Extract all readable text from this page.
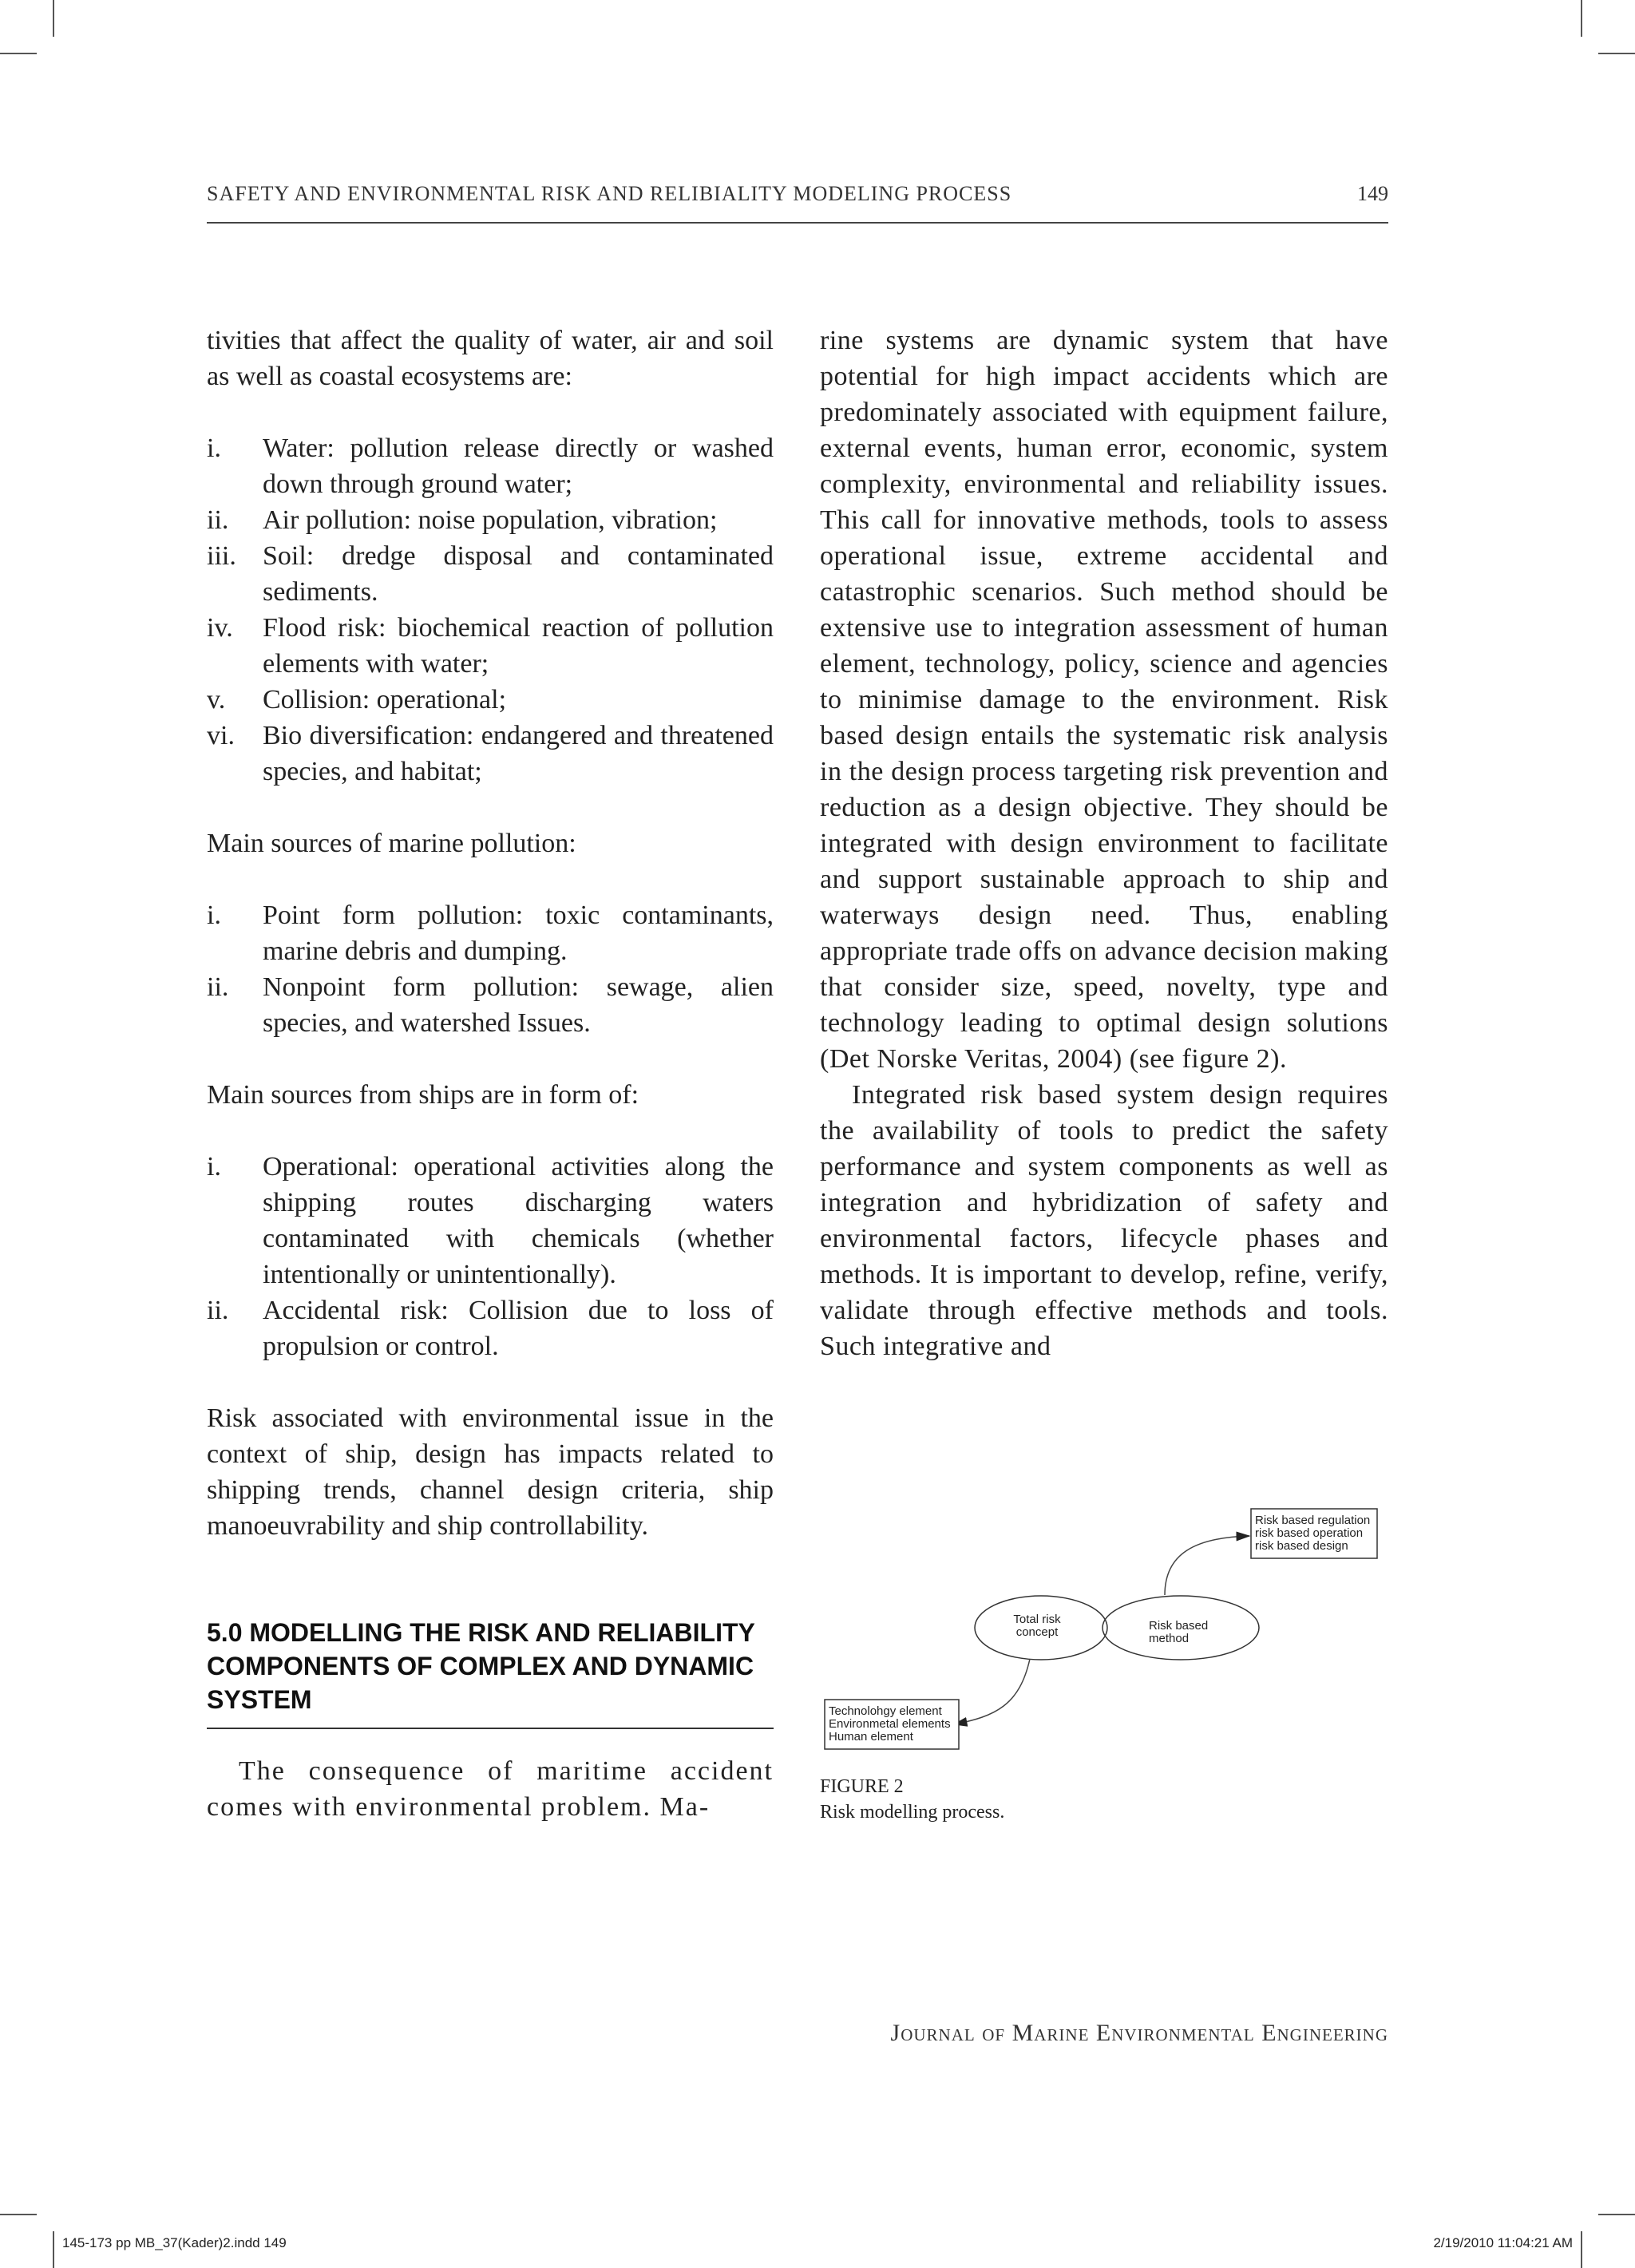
SAFETY AND ENVIRONMENTAL RISK AND RELIBIALITY MODELING PROCESS	149

tivities that affect the quality of water, air and soil as well as coastal ecosystems are:

i. Water: pollution release directly or washed down through ground water;
ii. Air pollution: noise population, vibration;
iii. Soil: dredge disposal and contaminated sediments.
iv. Flood risk: biochemical reaction of pollution elements with water;
v. Collision: operational;
vi. Bio diversification: endangered and threatened species, and habitat;

Main sources of marine pollution:

i. Point form pollution: toxic contaminants, marine debris and dumping.
ii. Nonpoint form pollution: sewage, alien species, and watershed Issues.

Main sources from ships are in form of:

i. Operational: operational activities along the shipping routes discharging waters contaminated with chemicals (whether intentionally or unintentionally).
ii. Accidental risk: Collision due to loss of propulsion or control.

Risk associated with environmental issue in the context of ship, design has impacts related to shipping trends, channel design criteria, ship manoeuvrability and ship controllability.

5.0 MODELLING THE RISK AND RELIABILITY COMPONENTS OF COMPLEX AND DYNAMIC SYSTEM

The consequence of maritime accident comes with environmental problem. Ma-

rine systems are dynamic system that have potential for high impact accidents which are predominately associated with equipment failure, external events, human error, economic, system complexity, environmental and reliability issues. This call for innovative methods, tools to assess operational issue, extreme accidental and catastrophic scenarios. Such method should be extensive use to integration assessment of human element, technology, policy, science and agencies to minimise damage to the environment. Risk based design entails the systematic risk analysis in the design process targeting risk prevention and reduction as a design objective. They should be integrated with design environment to facilitate and support sustainable approach to ship and waterways design need. Thus, enabling appropriate trade offs on advance decision making that consider size, speed, novelty, type and technology leading to optimal design solutions (Det Norske Veritas, 2004) (see figure 2).

Integrated risk based system design requires the availability of tools to predict the safety performance and system components as well as integration and hybridization of safety and environmental factors, lifecycle phases and methods. It is important to develop, refine, verify, validate through effective methods and tools. Such integrative and

Risk based regulation
risk based operation
risk based design
Total risk
concept	Risk based
method
Technolohgy element
Environmetal elements
Human element
FIGURE 2
Risk modelling process.
Journal of Marine Environmental Engineering
145-173 pp MB_37(Kader)2.indd 149	2/19/2010 11:04:21 AM
